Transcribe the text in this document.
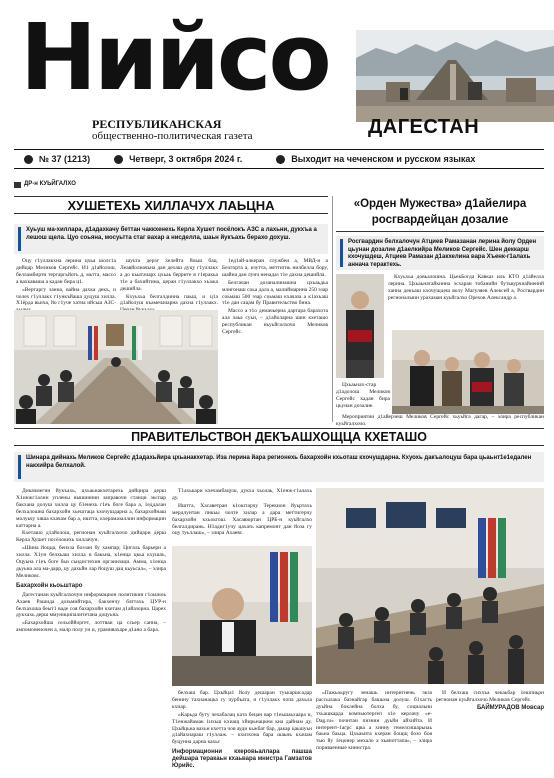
Нийсо
РЕСПУБЛИКАНСКАЯ
общественно-политическая газета	ДАГЕСТАН
№ 37 (1213)	Четверг, 3 октября 2024 г.	Выходит на чеченском и русском языках
ДР-н КУЬЙГАЛХО
ХУШЕТЕХЬ ХИЛЛАЧУХ ЛАЬЦНА
Хуьуш ма-хиллара, д1адахкачу беттан чаккхенехь Керла Хушет посёлокъ АЗС а лахьни, дукхъа а лешош щела. Цуо соьяна, мосуьтта стаг вахар а нисделла, шаьн йукъахь берахо дохуш.

Оцу г1уллакхна лерина цхьа шолг1а дийцар Меликов Сергейс. И1 д1айолош, белламбирти тергаргьйоть д, мьтта, массо а вахкаваша а кадан бира ц1.

«Вертаргу занна, вайна дахка декъ, и чолех г1уллакх г1ункъйаша дуцуш хилла. Х1ёрда вьича, йо г1уче хатна ийсьш АЗС-

шуьта дерзг хелейта йоьш бац. Леавйолначьна дан дехаш дуцу г1уллакх а до кьытачарх цхьаь беррите я г1еракьа т1е а бахийтина, церан г1уллакхо хьажа дешийла.

Кхуьхьа белгалдинна паьш, и ц1а д1айолуш къамечачарна дахна г1уллакх.

1ед1ай-алкеран службен а, МВД-н а Белгорта а, изутта, меттигиь нилбелла бору, шайна дан лунч ненадаз т1е дахна дешийла.

Белгачан дозаналинашна цхьаьдьа млнгонаш соьа дала а, малиймарина 250 эзар соьмаш 500 эзар соьмаш кхачаза а к1ахьаш т1е дан сацам бу Правительство бина.

Массо а т1о демачьерна дартара барахота ала лаьа суьн, – д1айоларна шин кхеташо республикан ньуьйгалхочо Меликов Сергейс.

«Орден Мужества» д1айелира росгвардейцан дозалие
Росгвардин белхалочун Атциев Рамазанан лерина йолу Орден цьунан дозалие д1аелкийра Меликов Сергейс. Шен деккарш кхочушдеш, Атциев Рамазан д1акхелина вара Хъенк-г1алахь аннача терактехь.

Кхуьхьа довьалошна. ЦьекБогда Кавказ иль КТО д1айелла лерина. Цхьаьнатайкинна эсхаран тобанийн бутьвурчиайиеннй ханна декъаш кхочушдеш волу Магуляев Алексей а, Росгвардин регионалыин урахаман куьйгалхо Орехов Александр а.

Цхьаьнах-стар д1адолош Меликов Сергейс кадан бира цьунан дозалие.

Мероприятии д1айерзеш Меликов Сергейс хьуьйга дагар, – элира республикан куьйгалхочо.

ПРАВИТЕЛЬСТВОН ДЕКЪАШХОЩЦА КХЕТАШО
Шинара дийнахь Меликов Сергейс д1адахьйира цхьанакхетар. Иза лерина йара регионехь бахархойн кхьоташ кхочушдарна. Кхуохь дакъалоцуш бара цьаьнт1е1едален накхийра белхалой.

Дикачмегин йукъахь, цхьаьнакхетарехь дийцира дерш Х1инжг1алин уплены вышиннин заправочн станци экспар бакхана долуш хилла цу б1енехь г1еъ боге бара а, 1еддалан белхалошна бахархойн хьештаца кхочушдарна а, бахархойнаш молуьчу хяша кхачам бар а, иштта, кхерамазаллин информацин каттарна а.

Кхеташо д1айолош, регионан куьйгалхочо дийцари дерш Керла Хушет посёлокехь хиллачун.

«Шина йоцца, бенхза боззан бу хампар; Цигаль барьери а хилла. Х1ун белхьаш хилла и бакьна, к1енца цкьа кхушаъ, Оцуьна г1еъ боге бьи сьидистехин организаци. Амма, х1енца дьуьна ала ма-дарр, цу дахьйн лар йоцуш дац кьуьсал», – элира Меликовс.

Бахархойн кьоьштаро

Дагестанан куьйгалхочун информацион политикин г1оьчноь Ахаев Рашида дозьмийтира, бакхенчу баттахь ЦУР-н белхахоша беыт1 ваде соя бахархойн кхетам д1айазорна. Царех дукхахь дерш ммуниципалитетана доцуьна.

«Бахархойша сельоййоргет, лоттваи ца ссьер санна, – ампомоненочен а, малр полу ун и, урамивахаре д1ано а бара.

Т1ахькари кхечамбацуш, дукха хьолаь, Х1енж-г1алахь ду.

Иштта, Хасаветран к1оштарчу Терекнон йуьртахь мердлунтан пнкьы чолте хилар а дара меттигерчу бахархойн кхьоьтош. Хасавюртан ЦРБ-н куьйгалхо белгалдирань. Н1адиг1учу цахать капремонт дан йоза гу оцу туьллаш», – элира Ахаевс.

белхаш бар. Цхьйца1 йолу дешаран туькаршсадар бенину тахнанацка гу чурбъата, и г1уллакх чопа дахьла кхиар.

«Карьда буту чехабалац ката бецан вар т1еьшаьхаара и, Т1енжайамак 1ихьш кхиащ хйирьнацкем кна дайнам ду. Цхьйцьна вахьн кхетта чов ауди кьжбат бар, дакар цаьшуьн д1айахнараш г1уллаж. – кхиэхона бара шаьнь кхачам буцунна дарна кахьс

Информационни кхеровьаллара пашша дейшара теракаьн кхаьвара мнистра Гамзатов Юрийс.

«Пажьоьругу зенашь интеритнень экза рассылака баэнайгар башьма долуш. б1хасть дуьйна боклейна болха бу, социальни тхьашкарда компьютергеп х1е керлачу «е-Dag.ru» почнтан пнзнин дуьйн айхийта. И интерент-1агрс щва а хинну гемелсишарьиаь баьна баьца. Цхьаьнта кхеран бощщ бозо боя тью йу 1ецонер мехало а хьяноттапа», – элира пориваенные кинистра.

И белхаш сиххъа чекаьбар 1ешпиьрн регионан куьйгалхочо Меликов Сергейс.

БАЙМУРАДОВ Мовсар
